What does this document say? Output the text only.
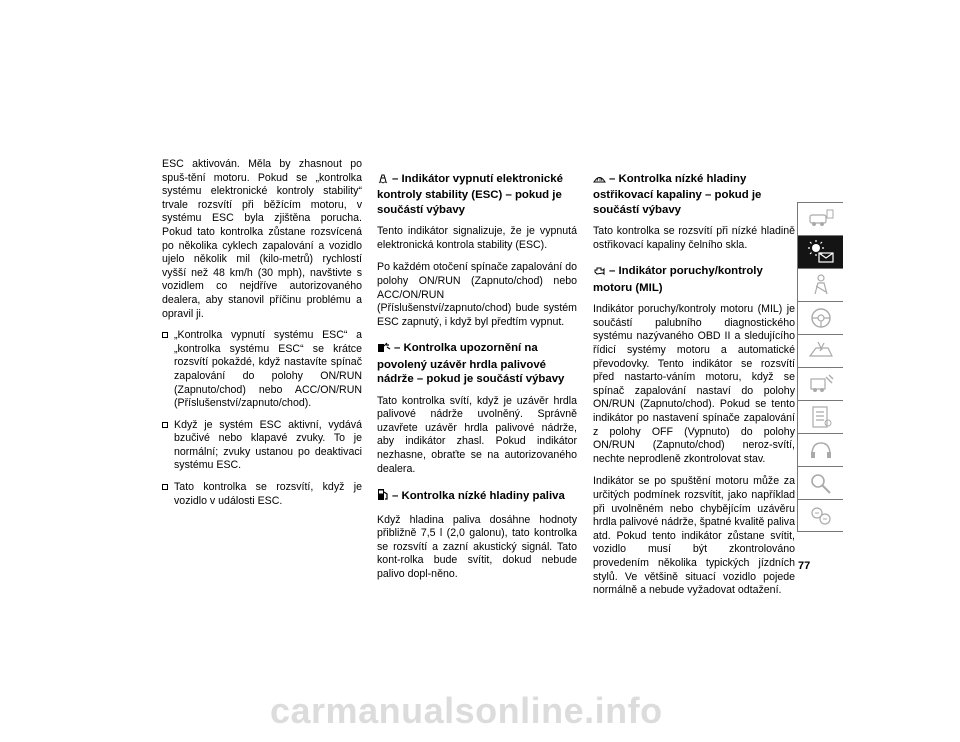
ESC aktivován. Měla by zhasnout po spuš-tění motoru. Pokud se „kontrolka systému elektronické kontroly stability“ trvale rozsvítí při běžícím motoru, v systému ESC byla zjištěna porucha. Pokud tato kontrolka zůstane rozsvícená po několika cyklech zapalování a vozidlo ujelo několik mil (kilo-metrů) rychlostí vyšší než 48 km/h (30 mph), navštivte s vozidlem co nejdříve autorizovaného dealera, aby stanovil příčinu problému a opravil ji.

„Kontrolka vypnutí systému ESC“ a „kontrolka systému ESC“ se krátce rozsvítí pokaždé, když nastavíte spínač zapalování do polohy ON/RUN (Zapnuto/chod) nebo ACC/ON/RUN (Příslušenství/zapnuto/chod).
Když je systém ESC aktivní, vydává bzučivé nebo klapavé zvuky. To je normální; zvuky ustanou po deaktivaci systému ESC.
Tato kontrolka se rozsvítí, když je vozidlo v události ESC.
– Indikátor vypnutí elektronické kontroly stability (ESC) – pokud je součástí výbavy

Tento indikátor signalizuje, že je vypnutá elektronická kontrola stability (ESC).

Po každém otočení spínače zapalování do polohy ON/RUN (Zapnuto/chod) nebo ACC/ON/RUN (Příslušenství/zapnuto/chod) bude systém ESC zapnutý, i když byl předtím vypnut.

– Kontrolka upozornění na povolený uzávěr hrdla palivové nádrže – pokud je součástí výbavy

Tato kontrolka svítí, když je uzávěr hrdla palivové nádrže uvolněný. Správně uzavřete uzávěr hrdla palivové nádrže, aby indikátor zhasl. Pokud indikátor nezhasne, obraťte se na autorizovaného dealera.

– Kontrolka nízké hladiny paliva

Když hladina paliva dosáhne hodnoty přibližně 7,5 l (2,0 galonu), tato kontrolka se rozsvítí a zazní akustický signál. Tato kont-rolka bude svítit, dokud nebude palivo dopl-něno.

– Kontrolka nízké hladiny ostřikovací kapaliny – pokud je součástí výbavy

Tato kontrolka se rozsvítí při nízké hladině ostřikovací kapaliny čelního skla.

– Indikátor poruchy/kontroly motoru (MIL)

Indikátor poruchy/kontroly motoru (MIL) je součástí palubního diagnostického systému nazývaného OBD II a sledujícího řídicí systémy motoru a automatické převodovky. Tento indikátor se rozsvítí před nastarto-váním motoru, když se spínač zapalování nastaví do polohy ON/RUN (Zapnuto/chod). Pokud se tento indikátor po nastavení spínače zapalování z polohy OFF (Vypnuto) do polohy ON/RUN (Zapnuto/chod) neroz-svítí, nechte neprodleně zkontrolovat stav.

Indikátor se po spuštění motoru může za určitých podmínek rozsvítit, jako například při uvolněném nebo chybějícím uzávěru hrdla palivové nádrže, špatné kvalitě paliva atd. Pokud tento indikátor zůstane svítit, vozidlo musí být zkontrolováno provedením několika typických jízdních stylů. Ve většině situací vozidlo pojede normálně a nebude vyžadovat odtažení.

77
carmanualsonline.info
